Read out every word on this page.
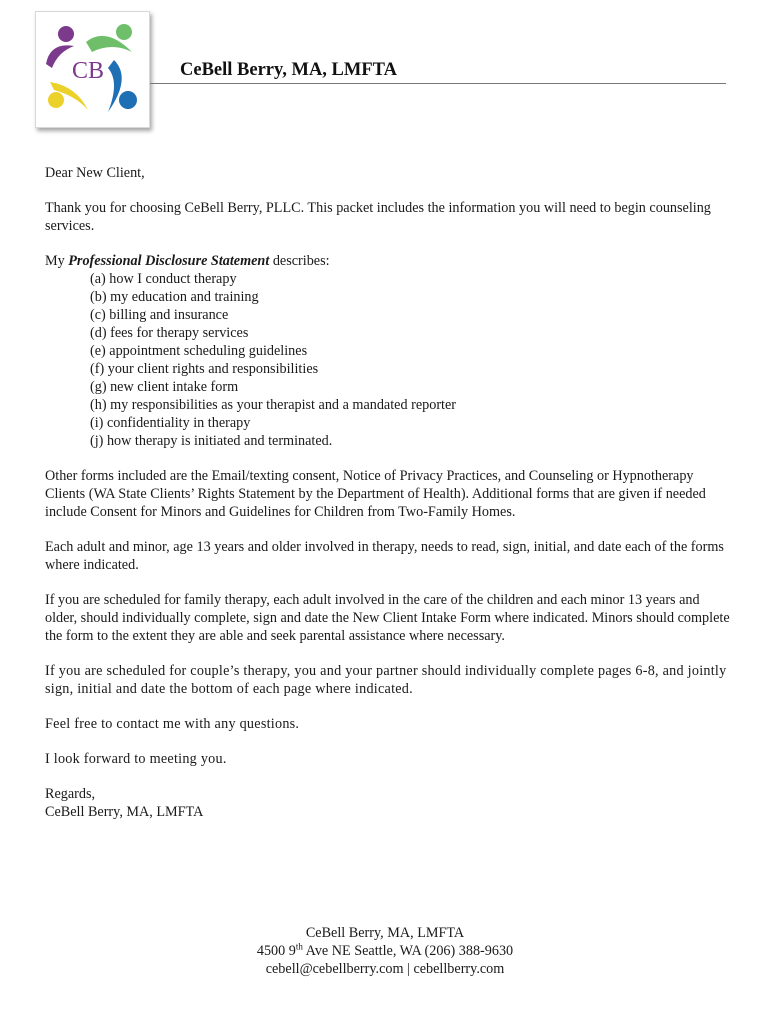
CB	CeBell Berry, MA, LMFTA

Dear New Client,

Thank you for choosing CeBell Berry, PLLC. This packet includes the information you will need to begin counseling services.

My Professional Disclosure Statement describes:

(a) how I conduct therapy
(b) my education and training
(c) billing and insurance
(d) fees for therapy services
(e) appointment scheduling guidelines
(f) your client rights and responsibilities
(g) new client intake form
(h) my responsibilities as your therapist and a mandated reporter
(i) confidentiality in therapy
(j) how therapy is initiated and terminated.

Other forms included are the Email/texting consent, Notice of Privacy Practices, and Counseling or Hypnotherapy Clients (WA State Clients’ Rights Statement by the Department of Health). Additional forms that are given if needed include Consent for Minors and Guidelines for Children from Two-Family Homes.

Each adult and minor, age 13 years and older involved in therapy, needs to read, sign, initial, and date each of the forms where indicated.

If you are scheduled for family therapy, each adult involved in the care of the children and each minor 13 years and older, should individually complete, sign and date the New Client Intake Form where indicated. Minors should complete the form to the extent they are able and seek parental assistance where necessary.

If you are scheduled for couple’s therapy, you and your partner should individually complete pages 6-8, and jointly sign, initial and date the bottom of each page where indicated.

Feel free to contact me with any questions.

I look forward to meeting you.

Regards,

CeBell Berry, MA, LMFTA

CeBell Berry, MA, LMFTA
4500 9th Ave NE Seattle, WA (206) 388-9630
cebell@cebellberry.com | cebellberry.com
